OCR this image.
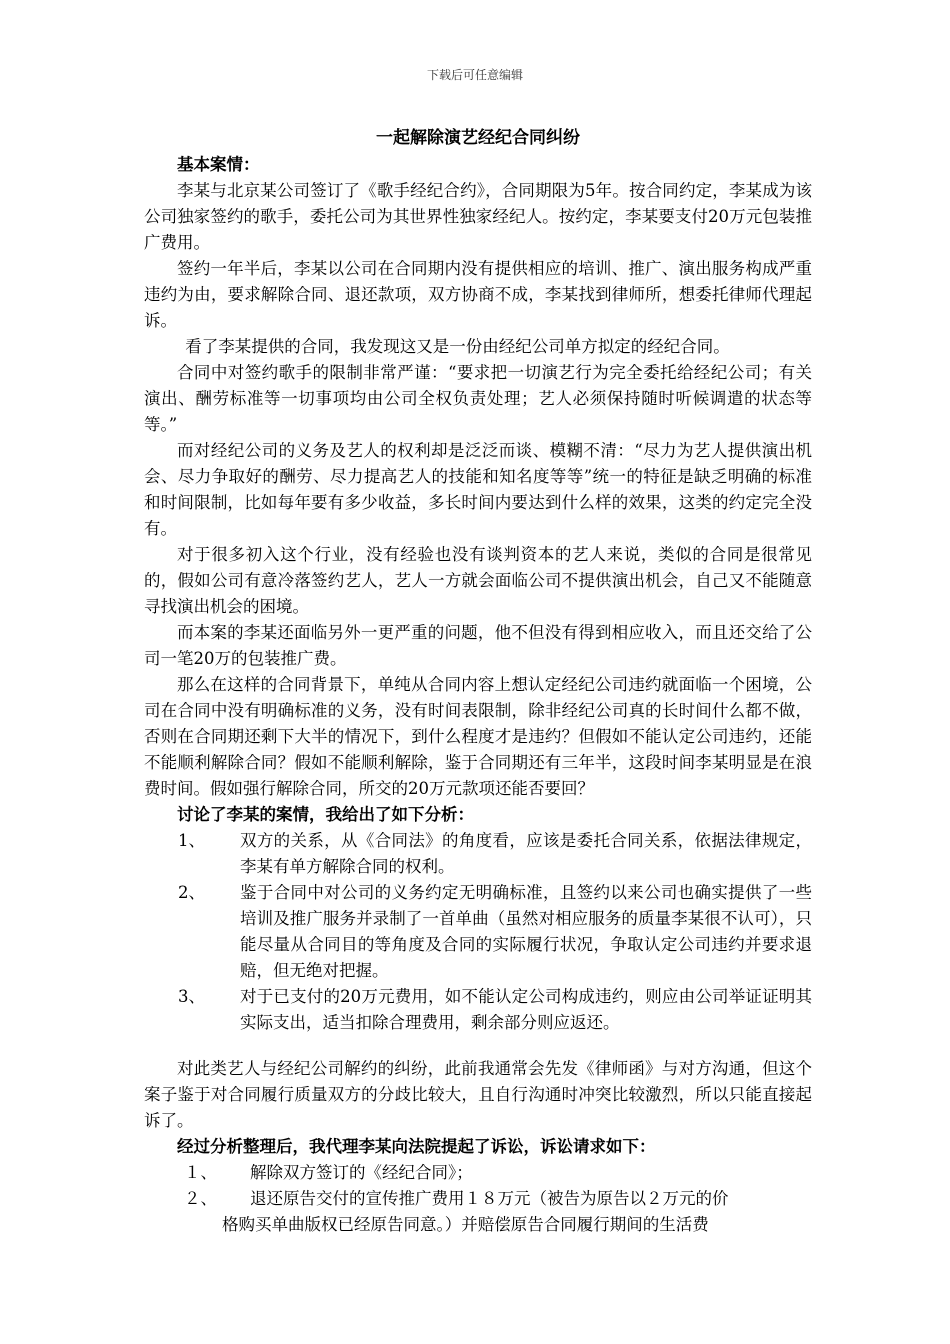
下载后可任意编辑

一起解除演艺经纪合同纠纷

基本案情：

李某与北京某公司签订了《歌手经纪合约》，合同期限为5年。按合同约定，李某成为该公司独家签约的歌手，委托公司为其世界性独家经纪人。按约定，李某要支付20万元包装推广费用。

签约一年半后，李某以公司在合同期内没有提供相应的培训、推广、演出服务构成严重违约为由，要求解除合同、退还款项，双方协商不成，李某找到律师所，想委托律师代理起诉。

看了李某提供的合同，我发现这又是一份由经纪公司单方拟定的经纪合同。

合同中对签约歌手的限制非常严谨：“要求把一切演艺行为完全委托给经纪公司；有关演出、酬劳标准等一切事项均由公司全权负责处理；艺人必须保持随时听候调遣的状态等等。”

而对经纪公司的义务及艺人的权利却是泛泛而谈、模糊不清：“尽力为艺人提供演出机会、尽力争取好的酬劳、尽力提高艺人的技能和知名度等等”统一的特征是缺乏明确的标准和时间限制，比如每年要有多少收益，多长时间内要达到什么样的效果，这类的约定完全没有。

对于很多初入这个行业，没有经验也没有谈判资本的艺人来说，类似的合同是很常见的，假如公司有意冷落签约艺人，艺人一方就会面临公司不提供演出机会，自己又不能随意寻找演出机会的困境。

而本案的李某还面临另外一更严重的问题，他不但没有得到相应收入，而且还交给了公司一笔20万的包装推广费。

那么在这样的合同背景下，单纯从合同内容上想认定经纪公司违约就面临一个困境，公司在合同中没有明确标准的义务，没有时间表限制，除非经纪公司真的长时间什么都不做，否则在合同期还剩下大半的情况下，到什么程度才是违约？但假如不能认定公司违约，还能不能顺利解除合同？假如不能顺利解除，鉴于合同期还有三年半，这段时间李某明显是在浪费时间。假如强行解除合同，所交的20万元款项还能否要回？

讨论了李某的案情，我给出了如下分析：

1、	双方的关系，从《合同法》的角度看，应该是委托合同关系，依据法律规定，李某有单方解除合同的权利。
2、	鉴于合同中对公司的义务约定无明确标准，且签约以来公司也确实提供了一些培训及推广服务并录制了一首单曲（虽然对相应服务的质量李某很不认可），只能尽量从合同目的等角度及合同的实际履行状况，争取认定公司违约并要求退赔，但无绝对把握。
3、	对于已支付的20万元费用，如不能认定公司构成违约，则应由公司举证证明其实际支出，适当扣除合理费用，剩余部分则应返还。

对此类艺人与经纪公司解约的纠纷，此前我通常会先发《律师函》与对方沟通，但这个案子鉴于对合同履行质量双方的分歧比较大，且自行沟通时冲突比较激烈，所以只能直接起诉了。

经过分析整理后，我代理李某向法院提起了诉讼，诉讼请求如下：

１、	解除双方签订的《经纪合同》；
２、	退还原告交付的宣传推广费用１８万元（被告为原告以２万元的价

格购买单曲版权已经原告同意。）并赔偿原告合同履行期间的生活费
